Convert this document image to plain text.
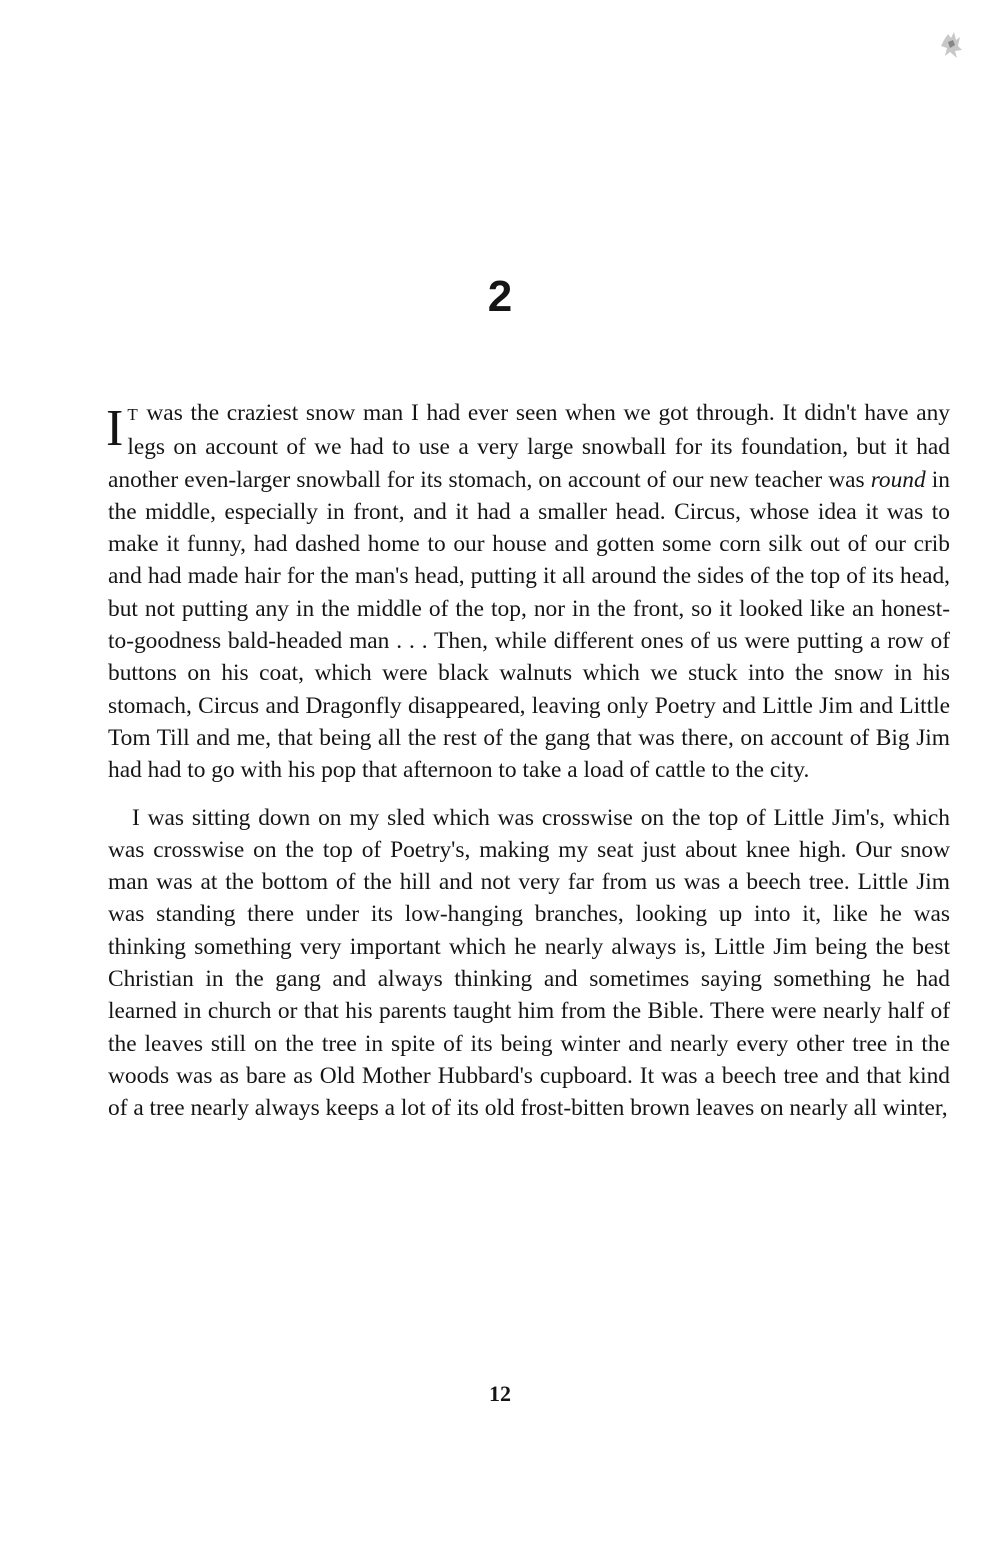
2

I T was the craziest snow man I had ever seen when we got through. It didn't have any legs on account of we had to use a very large snowball for its foundation, but it had another even-larger snowball for its stomach, on account of our new teacher was round in the middle, especially in front, and it had a smaller head. Circus, whose idea it was to make it funny, had dashed home to our house and gotten some corn silk out of our crib and had made hair for the man's head, putting it all around the sides of the top of its head, but not putting any in the middle of the top, nor in the front, so it looked like an honest-to-goodness bald-headed man . . . Then, while different ones of us were putting a row of buttons on his coat, which were black walnuts which we stuck into the snow in his stomach, Circus and Dragonfly disappeared, leaving only Poetry and Little Jim and Little Tom Till and me, that being all the rest of the gang that was there, on account of Big Jim had had to go with his pop that afternoon to take a load of cattle to the city.

I was sitting down on my sled which was crosswise on the top of Little Jim's, which was crosswise on the top of Poetry's, making my seat just about knee high. Our snow man was at the bottom of the hill and not very far from us was a beech tree. Little Jim was standing there under its low-hanging branches, looking up into it, like he was thinking something very important which he nearly always is, Little Jim being the best Christian in the gang and always thinking and sometimes saying something he had learned in church or that his parents taught him from the Bible. There were nearly half of the leaves still on the tree in spite of its being winter and nearly every other tree in the woods was as bare as Old Mother Hubbard's cupboard. It was a beech tree and that kind of a tree nearly always keeps a lot of its old frost-bitten brown leaves on nearly all winter,

12
